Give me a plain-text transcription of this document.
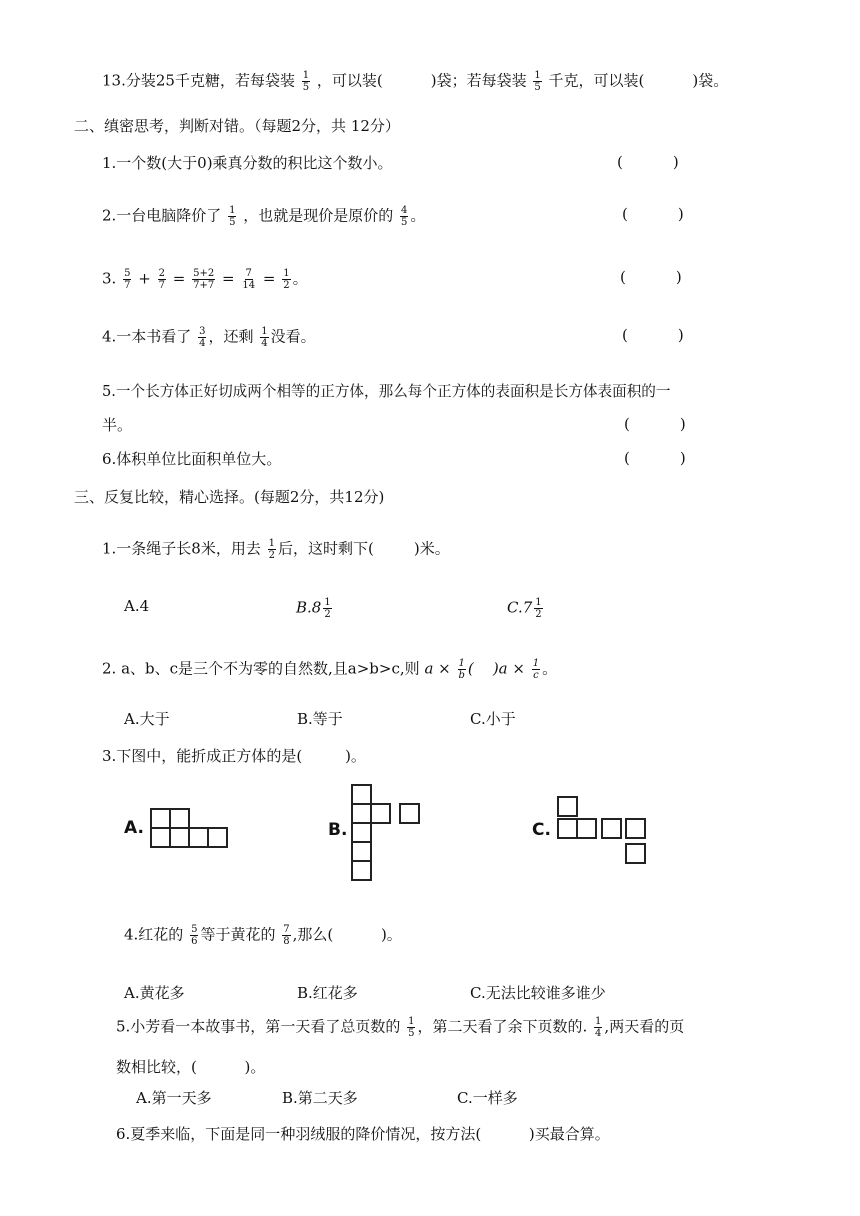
13.分装25千克糖，若每袋装 $\frac{1}{5}$ ，可以装(	)袋；若每袋装 $\frac{1}{5}$ 千克，可以装(	)袋。
二、缜密思考，判断对错。（每题2分，共 12分）
1.一个数(大于0)乘真分数的积比这个数小。	(	)
2.一台电脑降价了 $\frac{1}{5}$ ，也就是现价是原价的 $\frac{4}{5}$ 。	(	)
3. $\frac{5}{7} + \frac{2}{7} = \frac{5+2}{7+7} = \frac{7}{14} = \frac{1}{2}$ 。	(	)
4.一本书看了 $\frac{3}{4}$ ，还剩 $\frac{1}{4}$ 没看。	(	)
5.一个长方体正好切成两个相等的正方体，那么每个正方体的表面积是长方体表面积的一
半。	(	)
6.体积单位比面积单位大。	(	)
三、反复比较，精心选择。(每题2分，共12分)
1.一条绳子长8米，用去 $\frac{1}{2}$ 后，这时剩下(	)米。
A.4	$B.8 \frac{1}{2}$	$C.7 \frac{1}{2}$
2. a、b、c是三个不为零的自然数,且a>b>c,则 $a \times \frac{1}{b}$ (    )$a \times \frac{1}{c}$ 。
A.大于	B.等于	C.小于
3.下图中，能折成正方体的是(         )。
A.	B.	C.
4.红花的 $\frac{5}{6}$ 等于黄花的 $\frac{7}{8}$ ,那么(          )。
A.黄花多	B.红花多	C.无法比较谁多谁少
5.小芳看一本故事书，第一天看了总页数的 $\frac{1}{5}$ ，第二天看了余下页数的. $\frac{1}{4}$ ,两天看的页
数相比较，(          )。
A.第一天多	B.第二天多	C.一样多
6.夏季来临，下面是同一种羽绒服的降价情况，按方法(          )买最合算。
